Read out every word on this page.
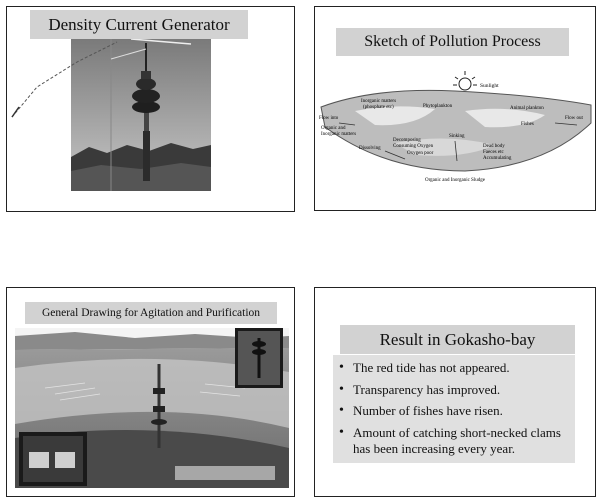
Density Current Generator
Sketch of Pollution Process
Sunlight
Inorganic matters
(phosphate etc)	Phytoplankton	Animal plankton
Flow into
Organic and
Inorganic matters
Fishes
Flow out
Decomposing
Consuming Oxygen
Oxygen poor
Sinking
Dissolving	Dead body
Faeces etc
Accumulating
Organic and Inorganic Sludge
General Drawing for Agitation and Purification
Result in Gokasho-bay
• The red tide has not appeared.
• Transparency has improved.
• Number of fishes have risen.
• Amount of catching short-necked clams has been increasing every year.
